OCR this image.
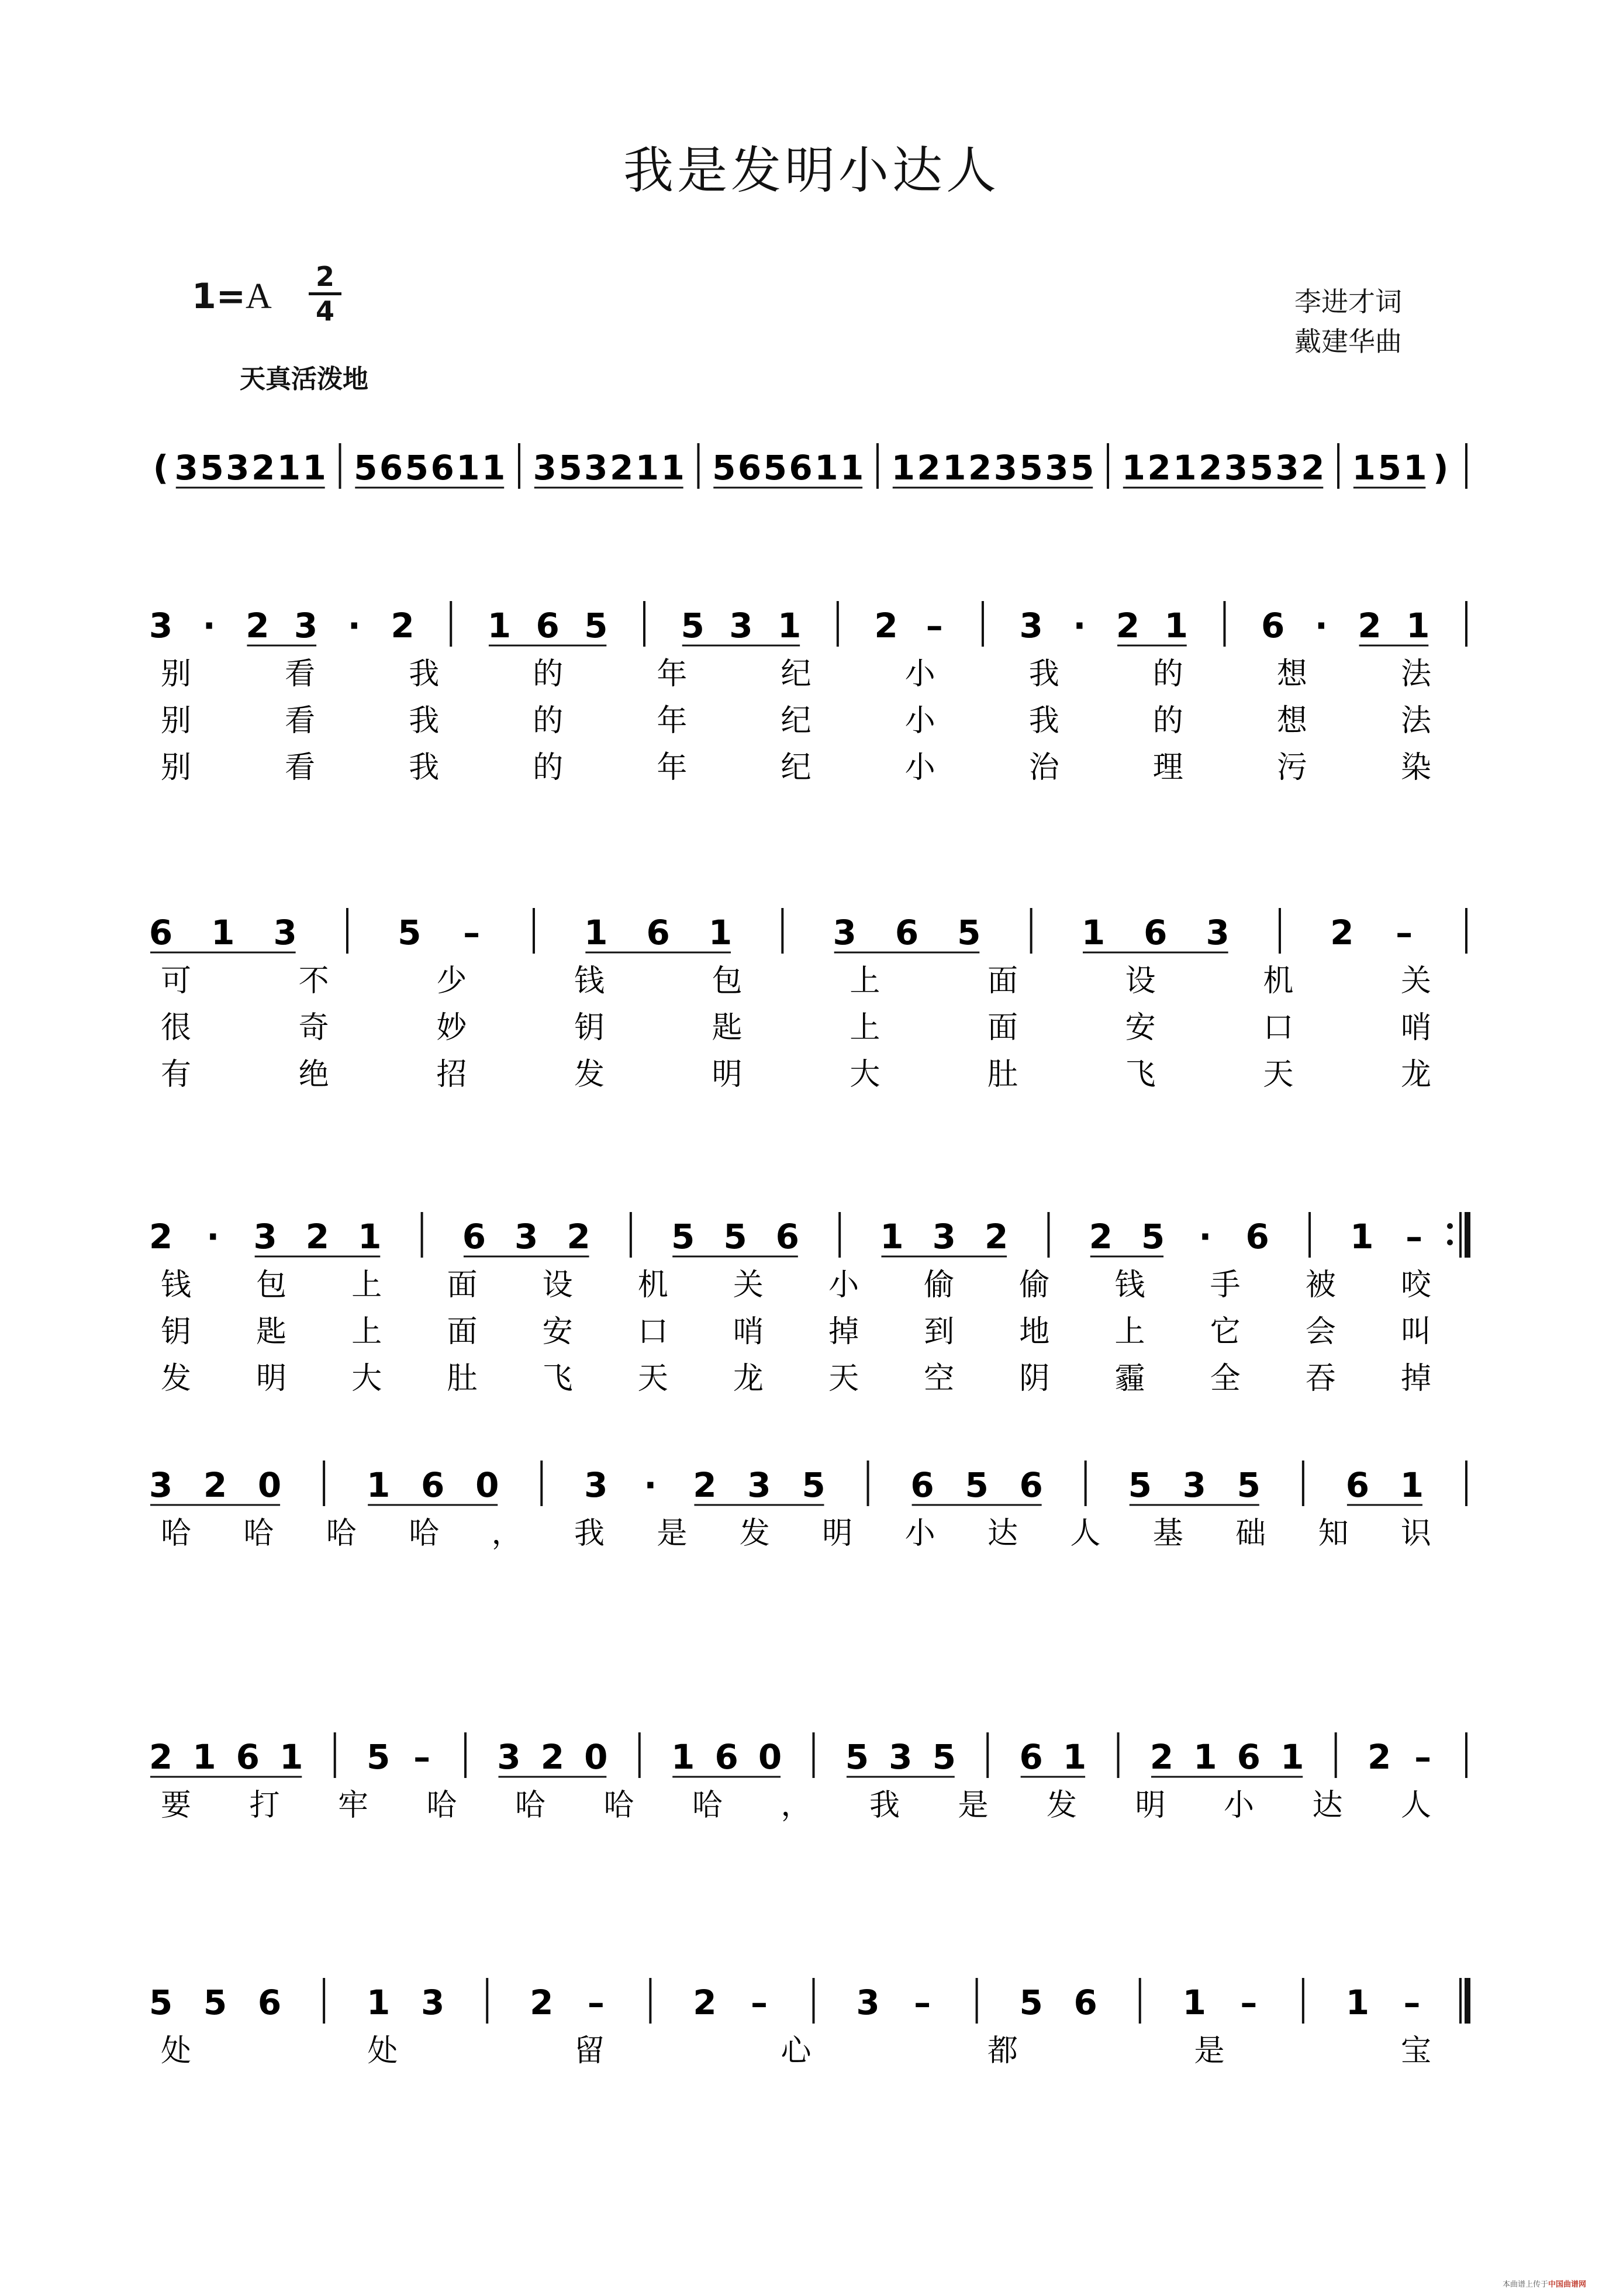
我是发明小达人
$1=A \frac{2}{4}$
天真活泼地
李进才词
戴建华曲
( 3 5 3 2 1 1 5 6 5 6 1 1 3 5 3 2 1 1 5 6 5 6 1 1 1 2 1 2 3 5 3 5 1 2 1 2 3 5 3 2 1 5 1 )
3 · 2 3 · 2 1 6 5 5 3 1 2 – 3 · 2 1 6 · 2 1
别看我的年纪小我的想法
别看我的年纪小我的想法
别看我的年纪小治理污染
6 1 3	5 –	1 6 1	3 6 5	1 6 3	2 –
可不少钱包上面设机关
很奇妙钥匙上面安口哨
有绝招发明大肚飞天龙
2 · 3 2 1 6 3 2 5 5 6 1 3 2 2 5 · 6 1 –
钱包上面设机关小偷偷钱手被咬
钥匙上面安口哨掉到地上它会叫
发明大肚飞天龙天空阴霾全吞掉
3 2 0	1 6 0	3 · 2 3 5	6 5 6	5 3 5	6 1
哈哈哈哈，我是发明小达人基础知识
2 1 6 1 5 – 3 2 0 1 6 0 5 3 5 6 1 2 1 6 1 2 –
要打牢哈哈哈哈，我是发明小达人
5 5 6	1 3	2 –	2 –	3 –	5 6	1 –	1 –
处处留心都是宝
本曲谱上传于中国曲谱网
